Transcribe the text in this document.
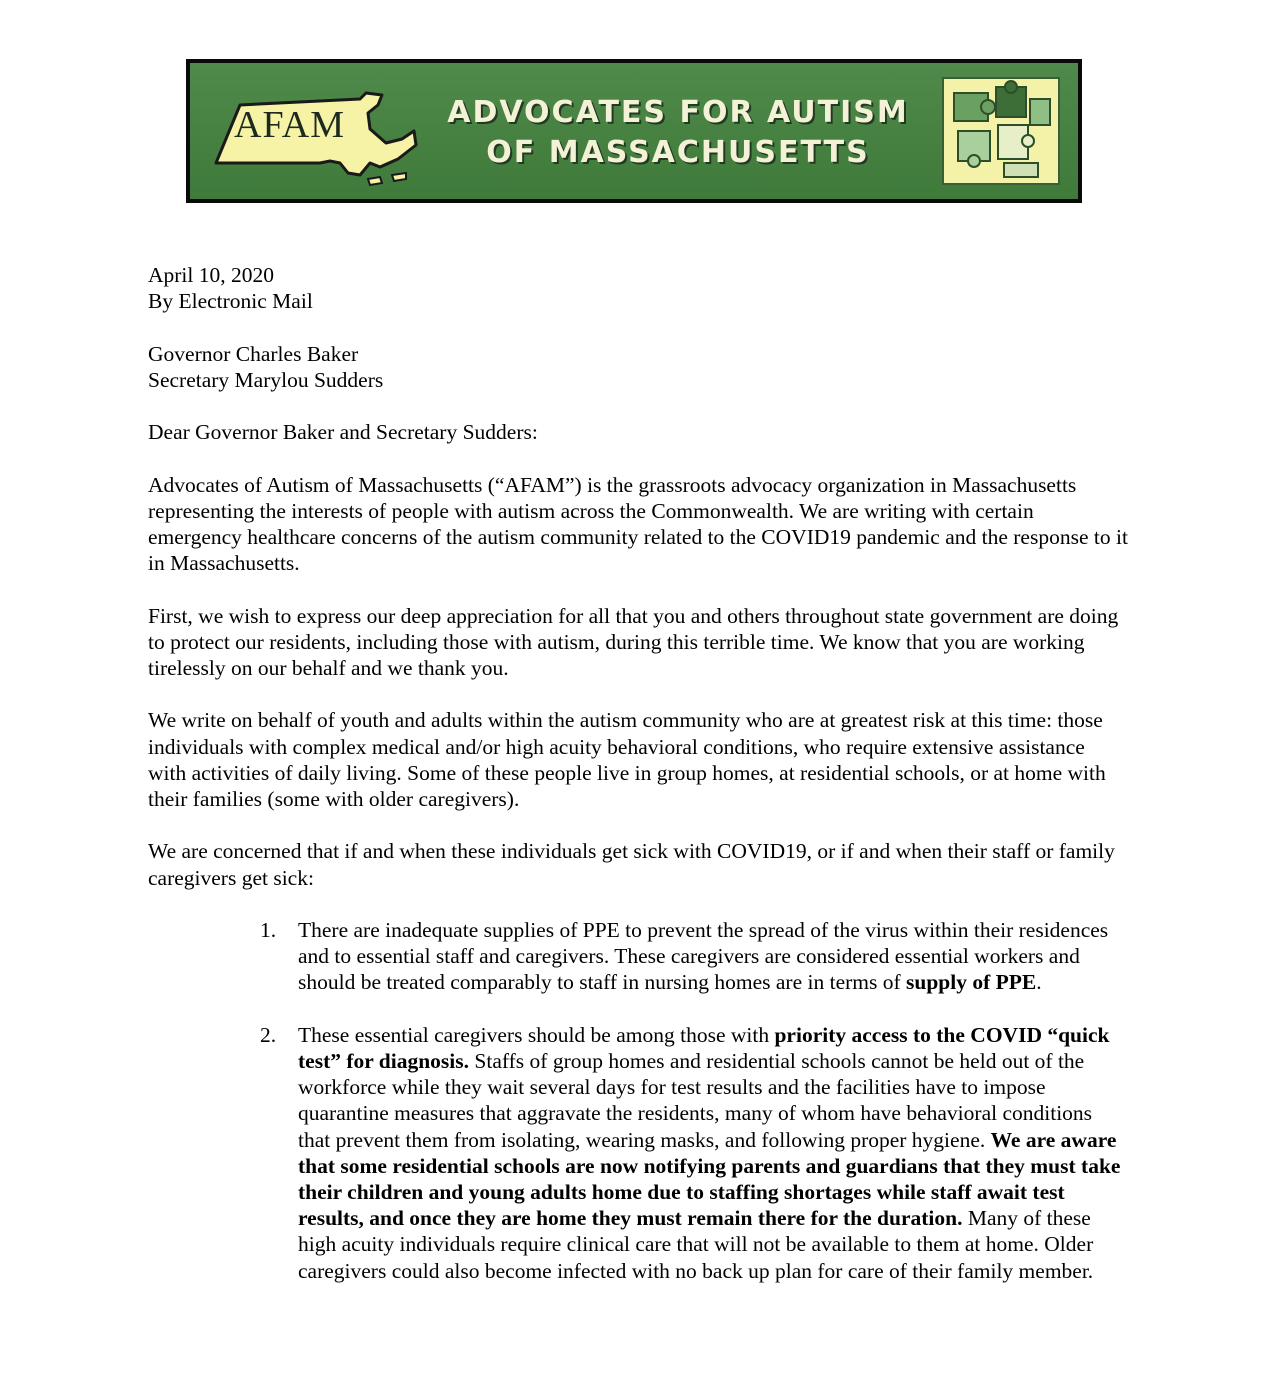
AFAM	ADVOCATES FOR AUTISM
OF MASSACHUSETTS

April 10, 2020

By Electronic Mail

Governor Charles Baker

Secretary Marylou Sudders

Dear Governor Baker and Secretary Sudders:

Advocates of Autism of Massachusetts (“AFAM”) is the grassroots advocacy organization in Massachusetts representing the interests of people with autism across the Commonwealth. We are writing with certain emergency healthcare concerns of the autism community related to the COVID19 pandemic and the response to it in Massachusetts.

First, we wish to express our deep appreciation for all that you and others throughout state government are doing to protect our residents, including those with autism, during this terrible time. We know that you are working tirelessly on our behalf and we thank you.

We write on behalf of youth and adults within the autism community who are at greatest risk at this time: those individuals with complex medical and/or high acuity behavioral conditions, who require extensive assistance with activities of daily living. Some of these people live in group homes, at residential schools, or at home with their families (some with older caregivers).

We are concerned that if and when these individuals get sick with COVID19, or if and when their staff or family caregivers get sick:

1. There are inadequate supplies of PPE to prevent the spread of the virus within their residences and to essential staff and caregivers. These caregivers are considered essential workers and should be treated comparably to staff in nursing homes are in terms of supply of PPE.
2. These essential caregivers should be among those with priority access to the COVID “quick test” for diagnosis. Staffs of group homes and residential schools cannot be held out of the workforce while they wait several days for test results and the facilities have to impose quarantine measures that aggravate the residents, many of whom have behavioral conditions that prevent them from isolating, wearing masks, and following proper hygiene. We are aware that some residential schools are now notifying parents and guardians that they must take their children and young adults home due to staffing shortages while staff await test results, and once they are home they must remain there for the duration. Many of these high acuity individuals require clinical care that will not be available to them at home. Older caregivers could also become infected with no back up plan for care of their family member.
